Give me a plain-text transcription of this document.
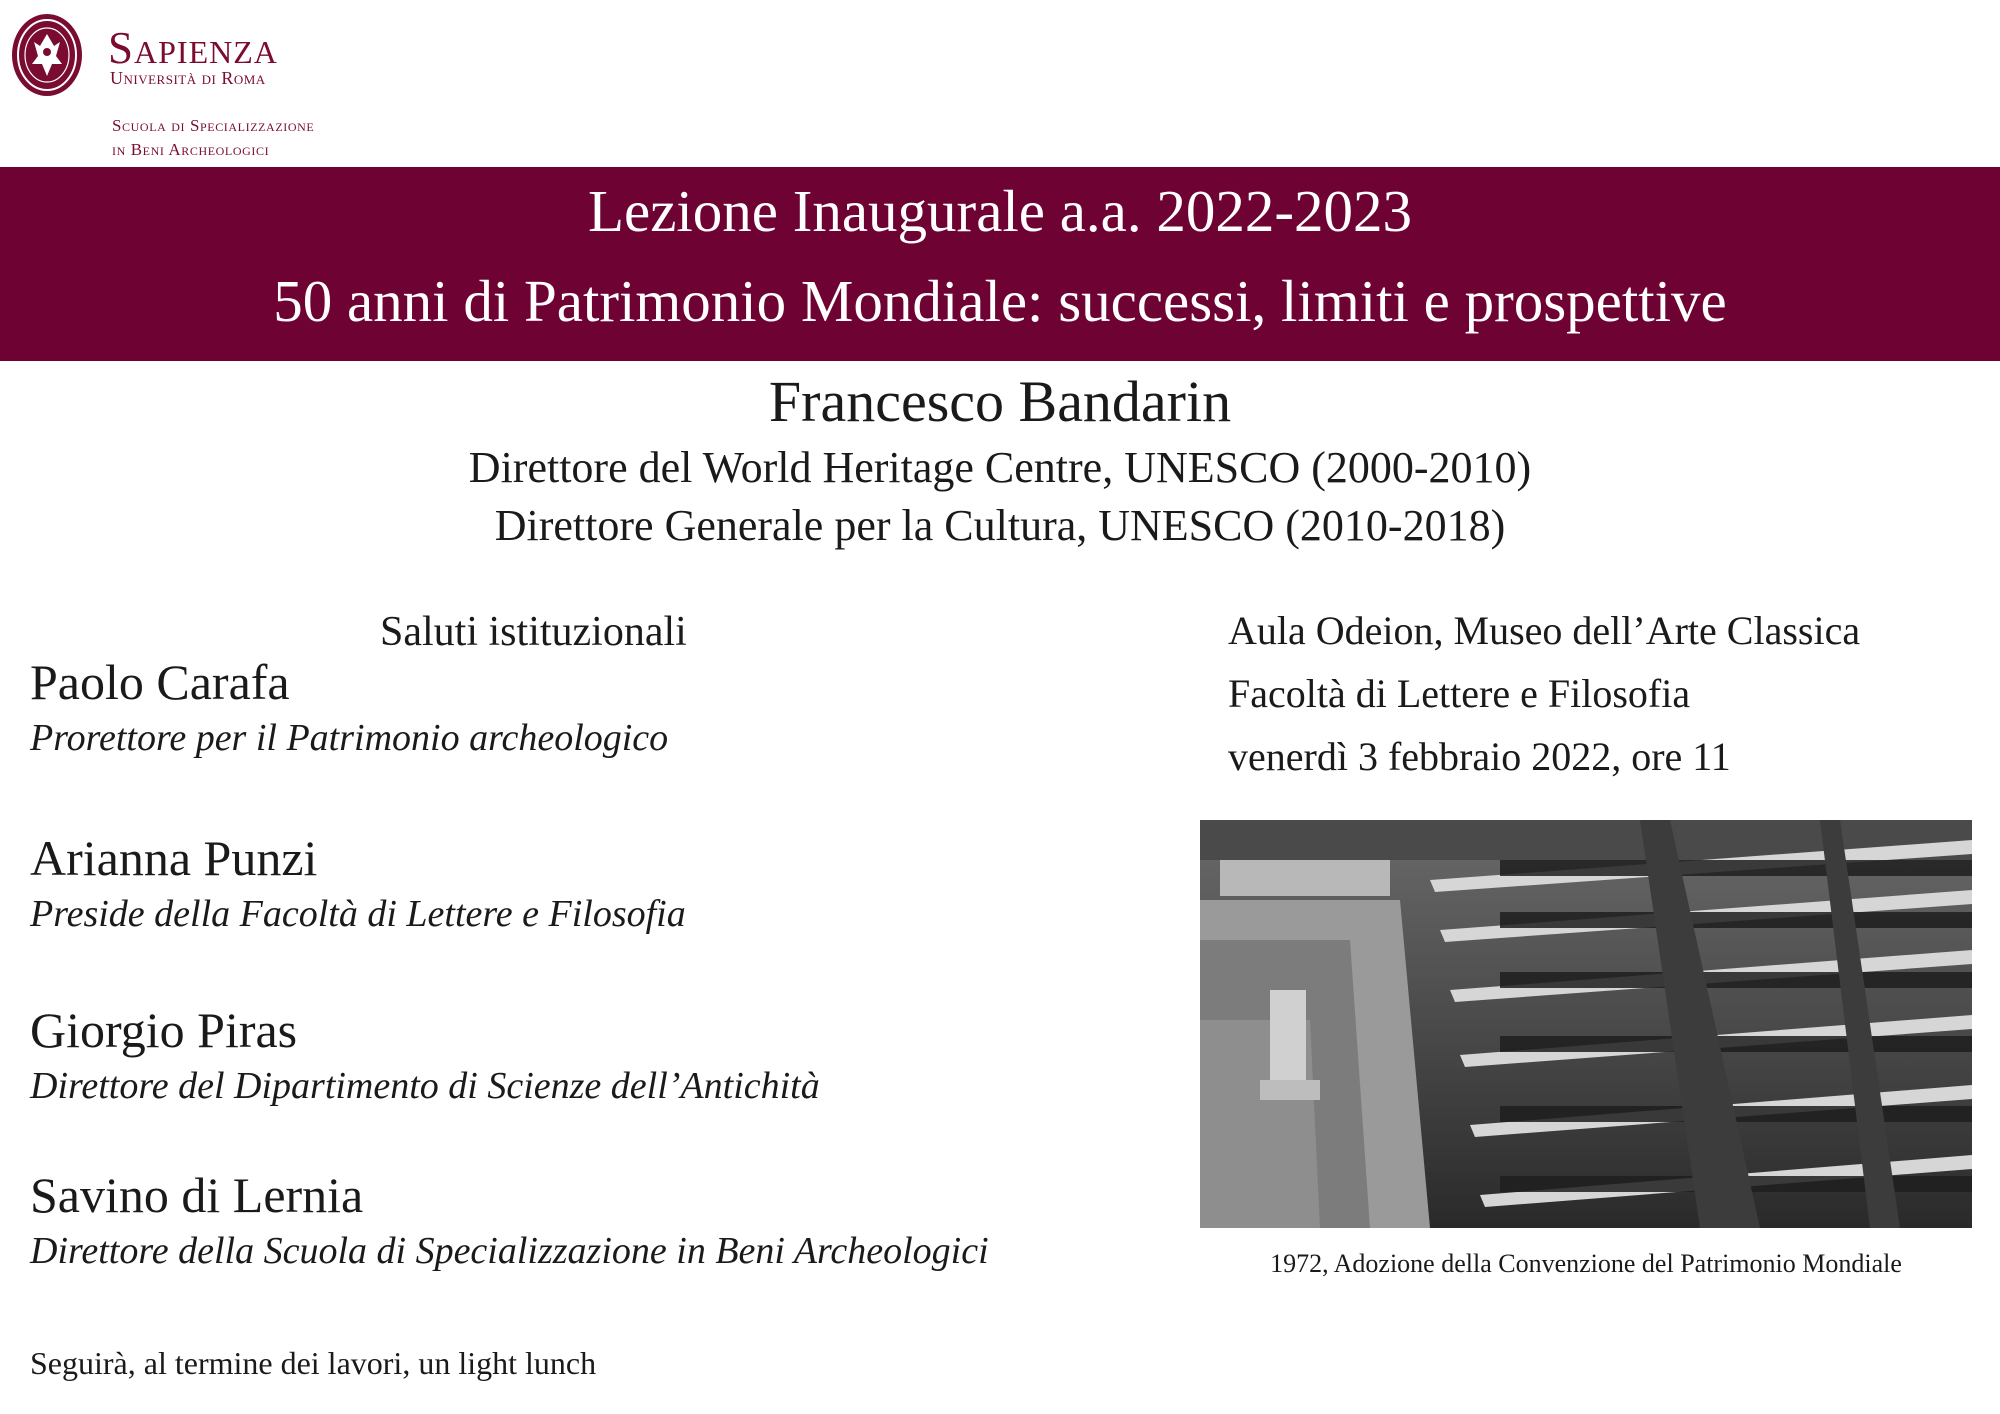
Sapienza
Università di Roma
Scuola di Specializzazione
in Beni Archeologici
Lezione Inaugurale a.a. 2022-2023
50 anni di Patrimonio Mondiale: successi, limiti e prospettive
Francesco Bandarin
Direttore del World Heritage Centre, UNESCO (2000-2010)
Direttore Generale per la Cultura, UNESCO (2010-2018)
Saluti istituzionali
Paolo Carafa
Prorettore per il Patrimonio archeologico
Arianna Punzi
Preside della Facoltà di Lettere e Filosofia
Giorgio Piras
Direttore del Dipartimento di Scienze dell’Antichità
Savino di Lernia
Direttore della Scuola di Specializzazione in Beni Archeologici
Seguirà, al termine dei lavori, un light lunch
Aula Odeion, Museo dell’Arte Classica
Facoltà di Lettere e Filosofia
venerdì 3 febbraio 2022, ore 11
1972, Adozione della Convenzione del Patrimonio Mondiale
